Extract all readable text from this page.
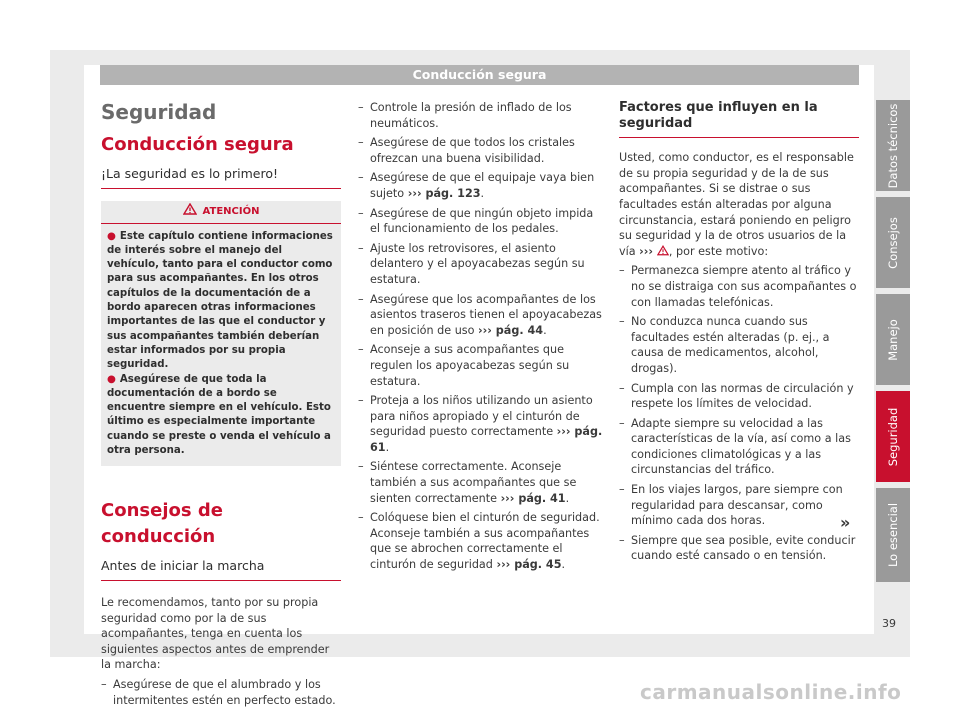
Conducción segura
Seguridad
Conducción segura
¡La seguridad es lo primero!
ATENCIÓN

● Este capítulo contiene informaciones de interés sobre el manejo del vehículo, tanto para el conductor como para sus acompañantes. En los otros capítulos de la documentación de a bordo aparecen otras informaciones importantes de las que el conductor y sus acompañantes también deberían estar informados por su propia seguridad.

● Asegúrese de que toda la documentación de a bordo se encuentre siempre en el vehículo. Esto último es especialmente importante cuando se preste o venda el vehículo a otra persona.

Consejos de conducción
Antes de iniciar la marcha

Le recomendamos, tanto por su propia seguridad como por la de sus acompañantes, tenga en cuenta los siguientes aspectos antes de emprender la marcha:

– Asegúrese de que el alumbrado y los intermitentes estén en perfecto estado.
– Controle la presión de inflado de los neumáticos.
– Asegúrese de que todos los cristales ofrezcan una buena visibilidad.
– Asegúrese de que el equipaje vaya bien sujeto ››› pág. 123.
– Asegúrese de que ningún objeto impida el funcionamiento de los pedales.
– Ajuste los retrovisores, el asiento delantero y el apoyacabezas según su estatura.
– Asegúrese que los acompañantes de los asientos traseros tienen el apoyacabezas en posición de uso ››› pág. 44.
– Aconseje a sus acompañantes que regulen los apoyacabezas según su estatura.
– Proteja a los niños utilizando un asiento para niños apropiado y el cinturón de seguridad puesto correctamente ››› pág. 61.
– Siéntese correctamente. Aconseje también a sus acompañantes que se sienten correctamente ››› pág. 41.
– Colóquese bien el cinturón de seguridad. Aconseje también a sus acompañantes que se abrochen correctamente el cinturón de seguridad ››› pág. 45.
Factores que influyen en la seguridad

Usted, como conductor, es el responsable de su propia seguridad y de la de sus acompañantes. Si se distrae o sus facultades están alteradas por alguna circunstancia, estará poniendo en peligro su seguridad y la de otros usuarios de la vía ››› , por este motivo:

– Permanezca siempre atento al tráfico y no se distraiga con sus acompañantes o con llamadas telefónicas.
– No conduzca nunca cuando sus facultades estén alteradas (p. ej., a causa de medicamentos, alcohol, drogas).
– Cumpla con las normas de circulación y respete los límites de velocidad.
– Adapte siempre su velocidad a las características de la vía, así como a las condiciones climatológicas y a las circunstancias del tráfico.
– En los viajes largos, pare siempre con regularidad para descansar, como mínimo cada dos horas.
– Siempre que sea posible, evite conducir cuando esté cansado o en tensión.
»
Datos técnicos
Consejos
Manejo
Seguridad
Lo esencial
39
carmanualsonline.info
